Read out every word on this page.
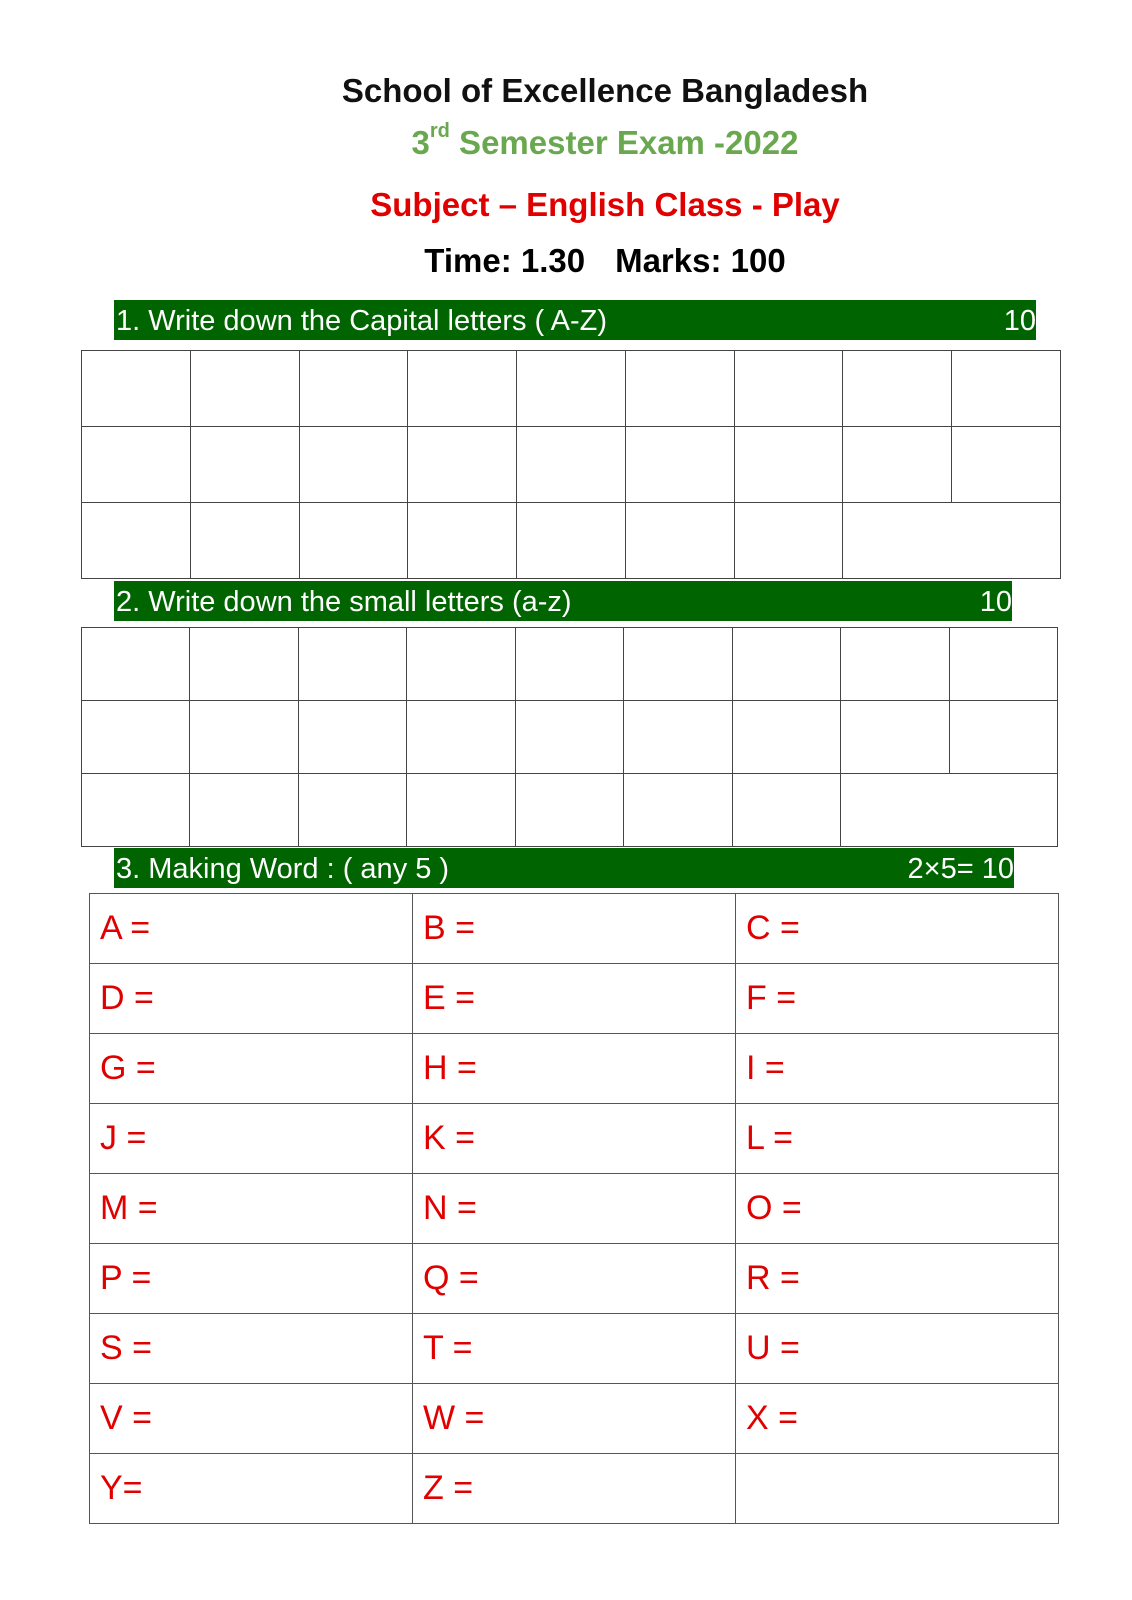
School of Excellence Bangladesh
3rd Semester Exam -2022
Subject – English Class - Play
Time: 1.30 Marks: 100
1. Write down the Capital letters ( A-Z)	10

2. Write down the small letters (a-z)	10

3. Making Word : ( any 5 )	2×5= 10
A =	B =	C =
D =	E =	F =
G =	H =	I =
J =	K =	L =
M =	N =	O =
P =	Q =	R =
S =	T =	U =
V =	W =	X =
Y=	Z =	
